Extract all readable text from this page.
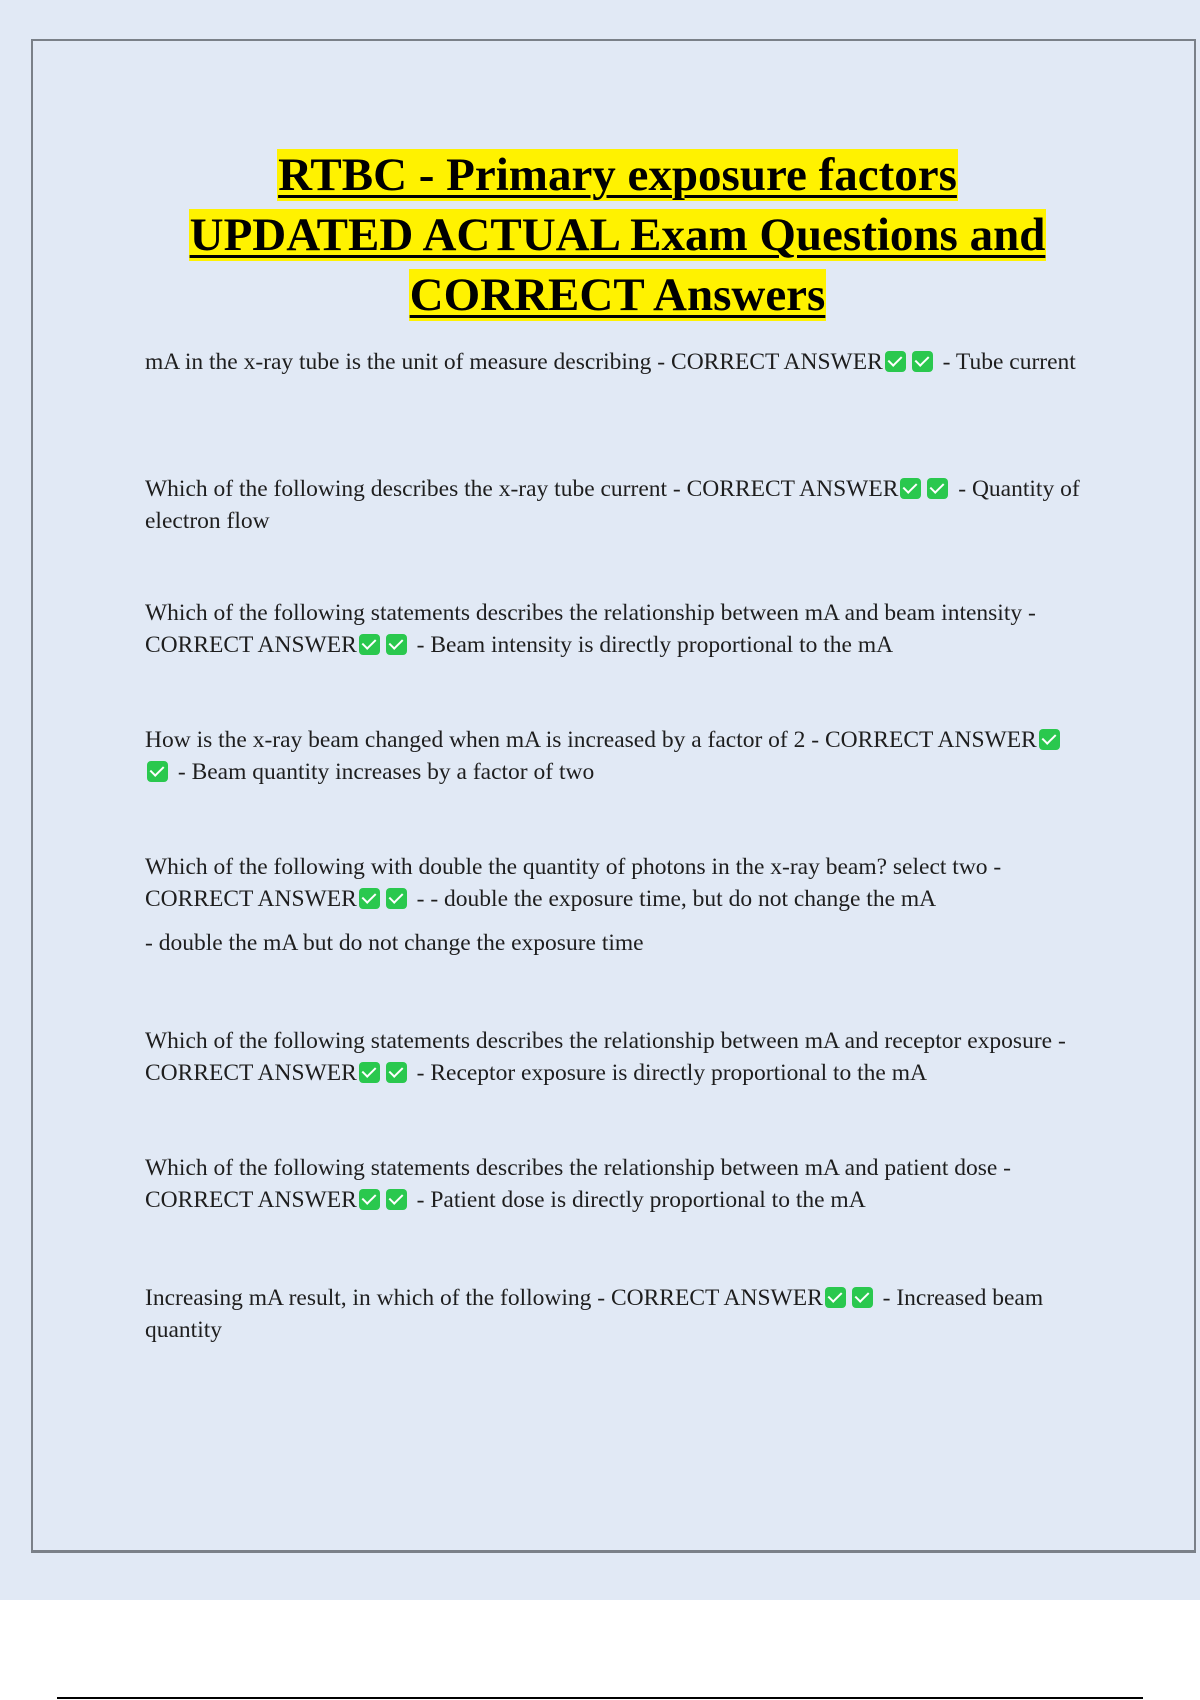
RTBC - Primary exposure factors
UPDATED ACTUAL Exam Questions and
CORRECT Answers

mA in the x-ray tube is the unit of measure describing - CORRECT ANSWER - Tube current

Which of the following describes the x-ray tube current - CORRECT ANSWER - Quantity of electron flow

Which of the following statements describes the relationship between mA and beam intensity - CORRECT ANSWER - Beam intensity is directly proportional to the mA

How is the x-ray beam changed when mA is increased by a factor of 2 - CORRECT ANSWER - Beam quantity increases by a factor of two

Which of the following with double the quantity of photons in the x-ray beam? select two - CORRECT ANSWER - - double the exposure time, but do not change the mA

- double the mA but do not change the exposure time

Which of the following statements describes the relationship between mA and receptor exposure - CORRECT ANSWER - Receptor exposure is directly proportional to the mA

Which of the following statements describes the relationship between mA and patient dose - CORRECT ANSWER - Patient dose is directly proportional to the mA

Increasing mA result, in which of the following - CORRECT ANSWER - Increased beam quantity
